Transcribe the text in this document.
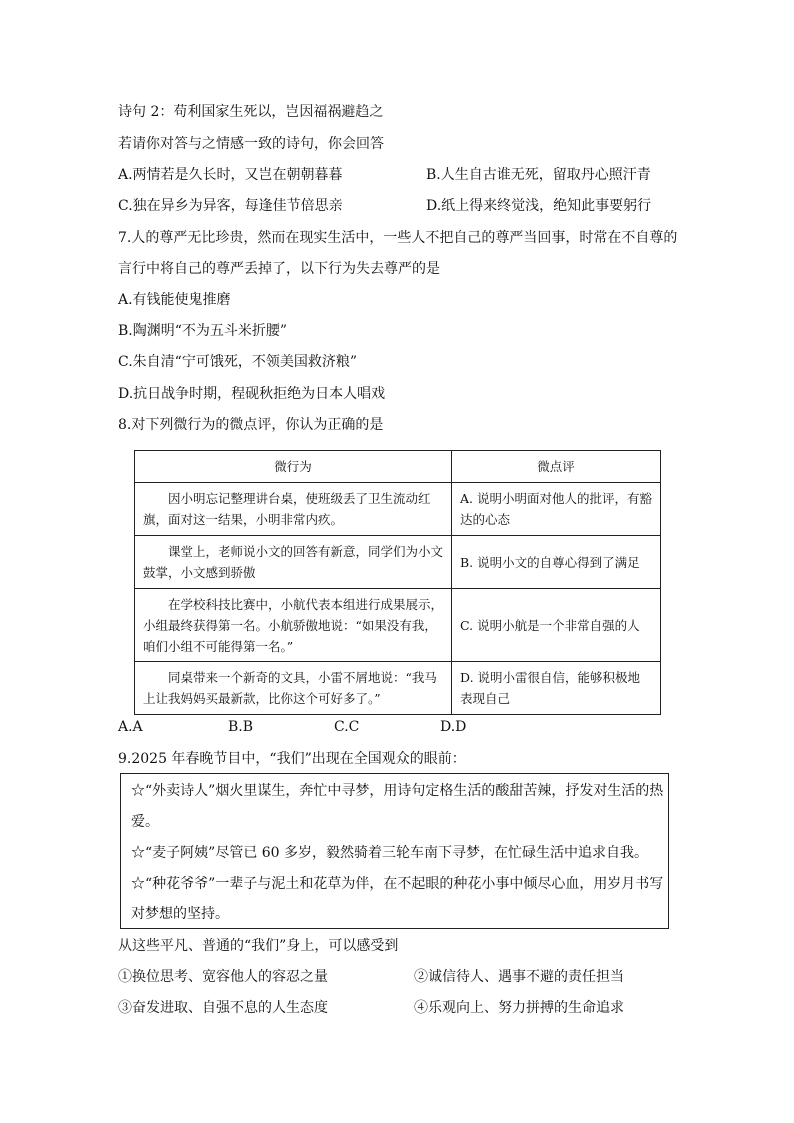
诗句 2：苟利国家生死以，岂因福祸避趋之
若请你对答与之情感一致的诗句，你会回答
A.两情若是久长时，又岂在朝朝暮暮	B.人生自古谁无死，留取丹心照汗青
C.独在异乡为异客，每逢佳节倍思亲	D.纸上得来终觉浅，绝知此事要躬行
7.人的尊严无比珍贵，然而在现实生活中，一些人不把自己的尊严当回事，时常在不自尊的
言行中将自己的尊严丢掉了，以下行为失去尊严的是
A.有钱能使鬼推磨
B.陶渊明“不为五斗米折腰”
C.朱自清“宁可饿死，不领美国救济粮”
D.抗日战争时期，程砚秋拒绝为日本人唱戏
8.对下列微行为的微点评，你认为正确的是
微行为	微点评
因小明忘记整理讲台桌，使班级丢了卫生流动红旗，面对这一结果，小明非常内疚。	A. 说明小明面对他人的批评，有豁达的心态
课堂上，老师说小文的回答有新意，同学们为小文鼓掌，小文感到骄傲	B. 说明小文的自尊心得到了满足
在学校科技比赛中，小航代表本组进行成果展示，小组最终获得第一名。小航骄傲地说：“如果没有我，咱们小组不可能得第一名。”	C. 说明小航是一个非常自强的人
同桌带来一个新奇的文具，小雷不屑地说：“我马上让我妈妈买最新款，比你这个可好多了。”	D. 说明小雷很自信，能够积极地表现自己
A.A	B.B	C.C	D.D
9.2025 年春晚节目中，“我们”出现在全国观众的眼前：
☆“外卖诗人”烟火里谋生，奔忙中寻梦，用诗句定格生活的酸甜苦辣，抒发对生活的热
爱。
☆“麦子阿姨”尽管已 60 多岁，毅然骑着三轮车南下寻梦，在忙碌生活中追求自我。
☆“种花爷爷”一辈子与泥土和花草为伴，在不起眼的种花小事中倾尽心血，用岁月书写
对梦想的坚持。
从这些平凡、普通的“我们”身上，可以感受到
①换位思考、宽容他人的容忍之量	②诚信待人、遇事不避的责任担当
③奋发进取、自强不息的人生态度	④乐观向上、努力拼搏的生命追求
